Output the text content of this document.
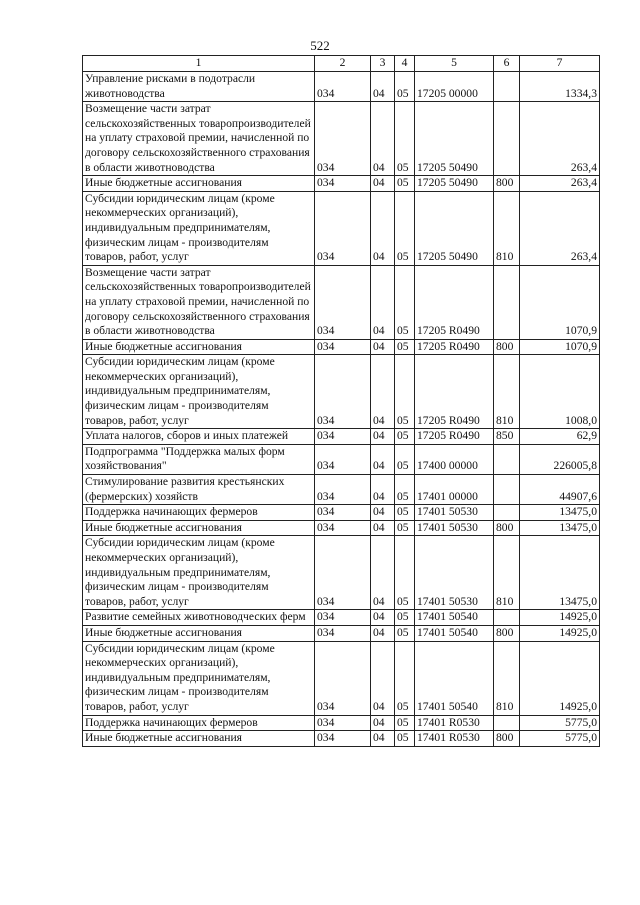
522
1	2	3	4	5	6	7
Управление рисками в подотрасли животноводства	034	04	05	17205 00000		1334,3
Возмещение части затрат сельскохозяйственных товаропроизводителей на уплату страховой премии, начисленной по договору сельскохозяйственного страхования в области животноводства	034	04	05	17205 50490		263,4
Иные бюджетные ассигнования	034	04	05	17205 50490	800	263,4
Субсидии юридическим лицам (кроме некоммерческих организаций), индивидуальным предпринимателям, физическим лицам - производителям товаров, работ, услуг	034	04	05	17205 50490	810	263,4
Возмещение части затрат сельскохозяйственных товаропроизводителей на уплату страховой премии, начисленной по договору сельскохозяйственного страхования в области животноводства	034	04	05	17205 R0490		1070,9
Иные бюджетные ассигнования	034	04	05	17205 R0490	800	1070,9
Субсидии юридическим лицам (кроме некоммерческих организаций), индивидуальным предпринимателям, физическим лицам - производителям товаров, работ, услуг	034	04	05	17205 R0490	810	1008,0
Уплата налогов, сборов и иных платежей	034	04	05	17205 R0490	850	62,9
Подпрограмма "Поддержка малых форм хозяйствования"	034	04	05	17400 00000		226005,8
Стимулирование развития крестьянских (фермерских) хозяйств	034	04	05	17401 00000		44907,6
Поддержка начинающих фермеров	034	04	05	17401 50530		13475,0
Иные бюджетные ассигнования	034	04	05	17401 50530	800	13475,0
Субсидии юридическим лицам (кроме некоммерческих организаций), индивидуальным предпринимателям, физическим лицам - производителям товаров, работ, услуг	034	04	05	17401 50530	810	13475,0
Развитие семейных животноводческих ферм	034	04	05	17401 50540		14925,0
Иные бюджетные ассигнования	034	04	05	17401 50540	800	14925,0
Субсидии юридическим лицам (кроме некоммерческих организаций), индивидуальным предпринимателям, физическим лицам - производителям товаров, работ, услуг	034	04	05	17401 50540	810	14925,0
Поддержка начинающих фермеров	034	04	05	17401 R0530		5775,0
Иные бюджетные ассигнования	034	04	05	17401 R0530	800	5775,0
